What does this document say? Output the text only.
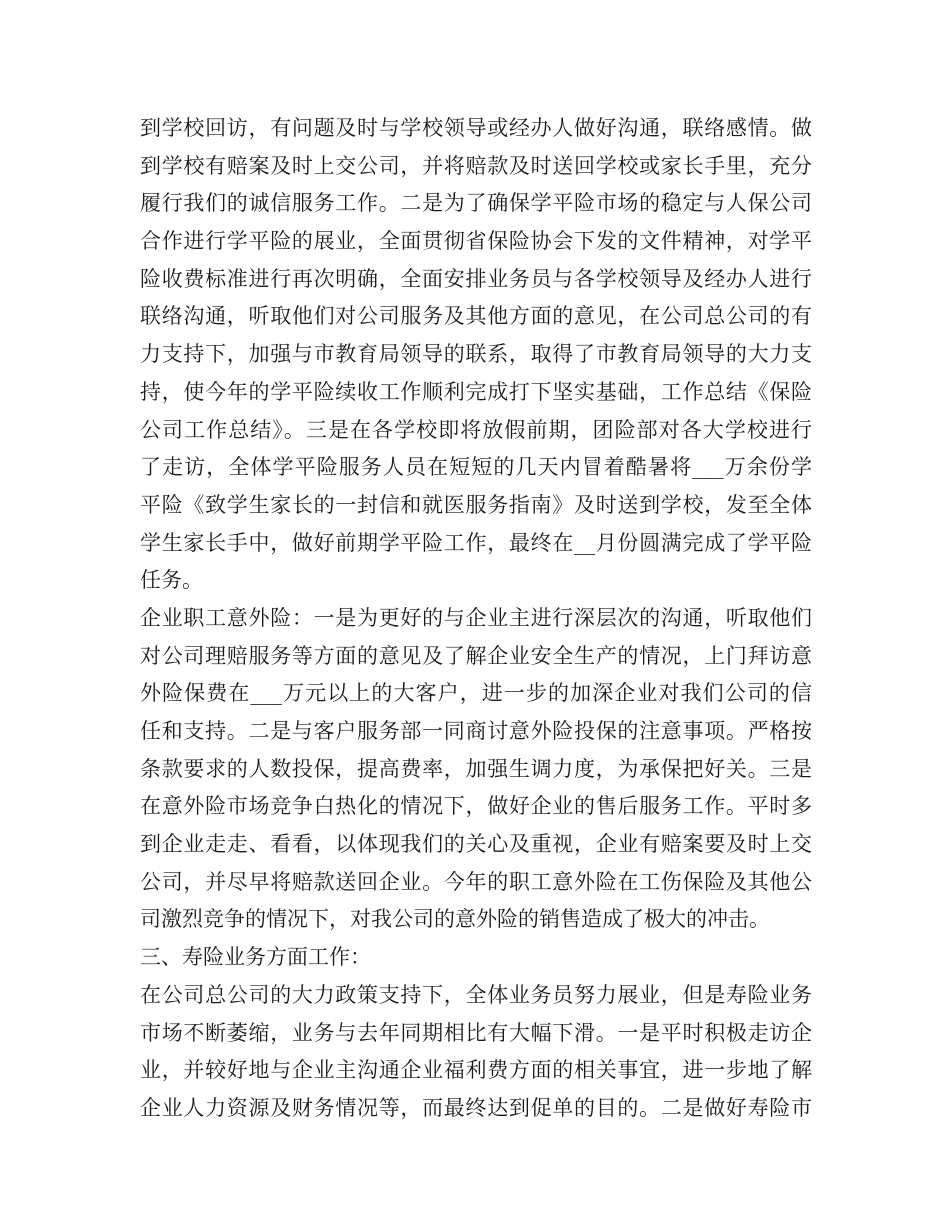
到学校回访，有问题及时与学校领导或经办人做好沟通，联络感情。做
到学校有赔案及时上交公司，并将赔款及时送回学校或家长手里，充分
履行我们的诚信服务工作。二是为了确保学平险市场的稳定与人保公司
合作进行学平险的展业，全面贯彻省保险协会下发的文件精神，对学平
险收费标准进行再次明确，全面安排业务员与各学校领导及经办人进行
联络沟通，听取他们对公司服务及其他方面的意见，在公司总公司的有
力支持下，加强与市教育局领导的联系，取得了市教育局领导的大力支
持，使今年的学平险续收工作顺利完成打下坚实基础，工作总结《保险
公司工作总结》。三是在各学校即将放假前期，团险部对各大学校进行
了走访，全体学平险服务人员在短短的几天内冒着酷暑将___万余份学
平险《致学生家长的一封信和就医服务指南》及时送到学校，发至全体
学生家长手中，做好前期学平险工作，最终在__月份圆满完成了学平险
任务。
企业职工意外险：一是为更好的与企业主进行深层次的沟通，听取他们
对公司理赔服务等方面的意见及了解企业安全生产的情况，上门拜访意
外险保费在___万元以上的大客户，进一步的加深企业对我们公司的信
任和支持。二是与客户服务部一同商讨意外险投保的注意事项。严格按
条款要求的人数投保，提高费率，加强生调力度，为承保把好关。三是
在意外险市场竞争白热化的情况下，做好企业的售后服务工作。平时多
到企业走走、看看，以体现我们的关心及重视，企业有赔案要及时上交
公司，并尽早将赔款送回企业。今年的职工意外险在工伤保险及其他公
司激烈竞争的情况下，对我公司的意外险的销售造成了极大的冲击。
三、寿险业务方面工作：
在公司总公司的大力政策支持下，全体业务员努力展业，但是寿险业务
市场不断萎缩，业务与去年同期相比有大幅下滑。一是平时积极走访企
业，并较好地与企业主沟通企业福利费方面的相关事宜，进一步地了解
企业人力资源及财务情况等，而最终达到促单的目的。二是做好寿险市
